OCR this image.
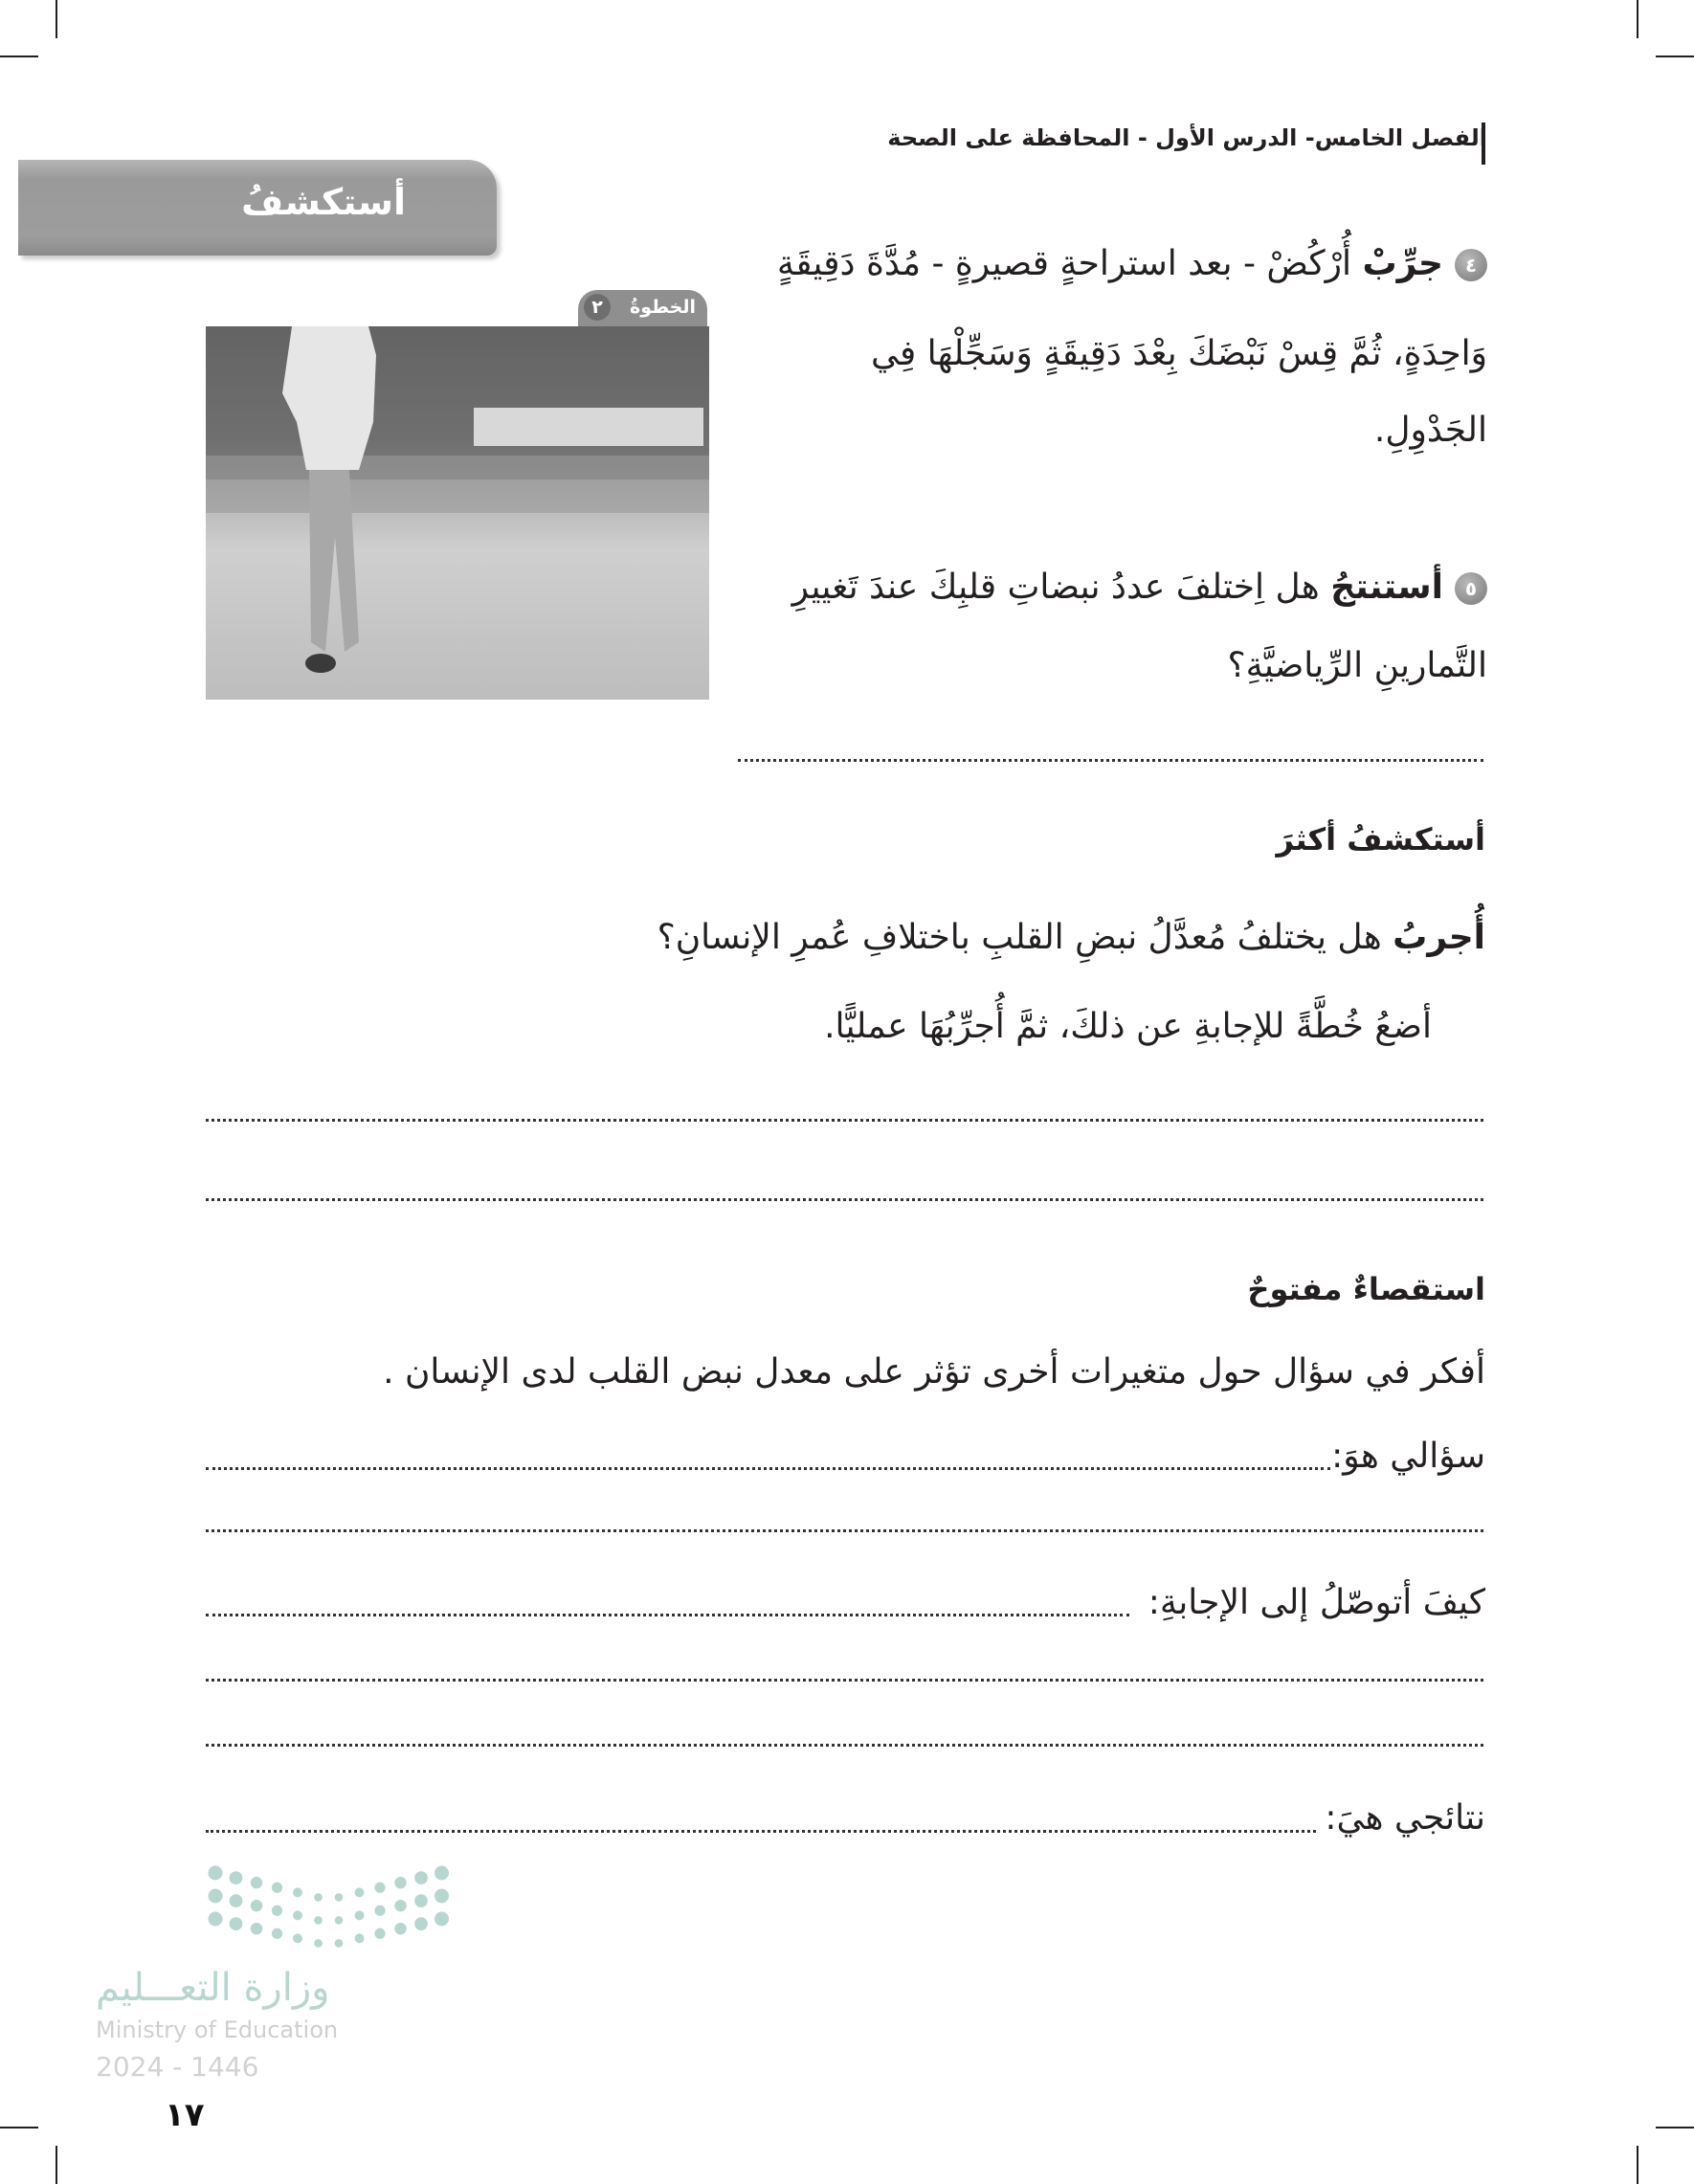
الفصل الخامس- الدرس الأول - المحافظة على الصحة
أستكشفُ
الخطوةُ
٢
٤جرِّبْ أُرْكُضْ - بعد استراحةٍ قصيرةٍ - مُدَّةَ دَقِيقَةٍ
وَاحِدَةٍ، ثُمَّ قِسْ نَبْضَكَ بِعْدَ دَقِيقَةٍ وَسَجِّلْهَا فِي
الجَدْوِلِ.
٥أستنتجُ هل اِختلفَ عددُ نبضاتِ قلبِكَ عندَ تَغييرِ
التَّمارينِ الرِّياضيَّةِ؟
أستكشفُ أكثرَ
أُجربُ هل يختلفُ مُعدَّلُ نبضِ القلبِ باختلافِ عُمرِ الإنسانِ؟
أضعُ خُطَّةً للإجابةِ عن ذلكَ، ثمَّ أُجرِّبُهَا عمليًّا.
استقصاءٌ مفتوحٌ
أفكر في سؤال حول متغيرات أخرى تؤثر على معدل نبض القلب لدى الإنسان .
سؤالي هوَ:
كيفَ أتوصّلُ إلى الإجابةِ:
نتائجي هيَ:
وزارة التعـــليم
Ministry of Education
2024 - 1446
١٧
